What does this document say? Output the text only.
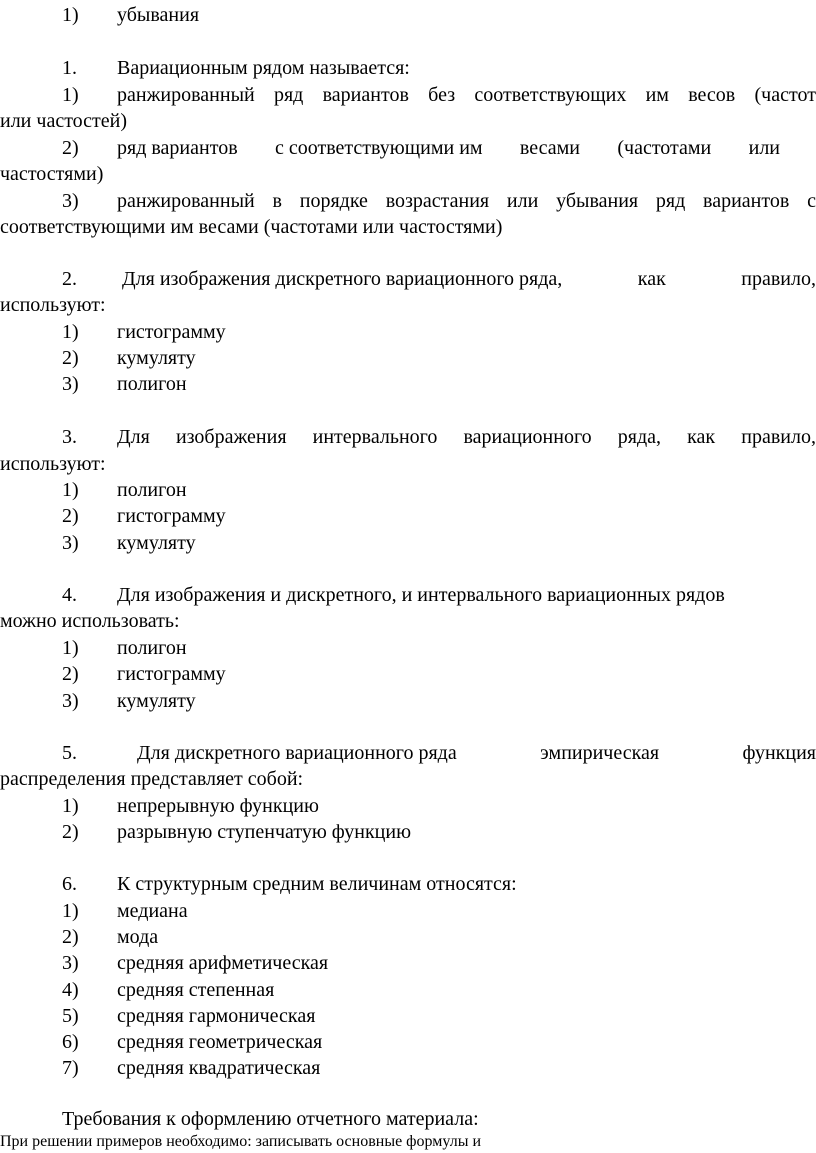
1) убывания
1. Вариационным рядом называется:
1) ранжированный ряд вариантов без соответствующих им весов (частот
или частостей)
2) ряд вариантов с соответствующими им весами (частотами или
частостями)
3) ранжированный в порядке возрастания или убывания ряд вариантов с
соответствующими им весами (частотами или частостями)
2. Для изображения дискретного вариационного ряда,	как	правило,
используют:
1) гистограмму
2) кумуляту
3) полигон
3. Для изображения интервального вариационного ряда, как правило,
используют:
1) полигон
2) гистограмму
3) кумуляту
4. Для изображения и дискретного, и интервального вариационных рядов
можно использовать:
1) полигон
2) гистограмму
3) кумуляту
5.	Для дискретного вариационного ряда	эмпирическая	функция
распределения представляет собой:
1) непрерывную функцию
2) разрывную ступенчатую функцию
6. К структурным средним величинам относятся:
1) медиана
2) мода
3) средняя арифметическая
4) средняя степенная
5) средняя гармоническая
6) средняя геометрическая
7) средняя квадратическая
Требования к оформлению отчетного материала:
При решении примеров необходимо: записывать основные формулы и
